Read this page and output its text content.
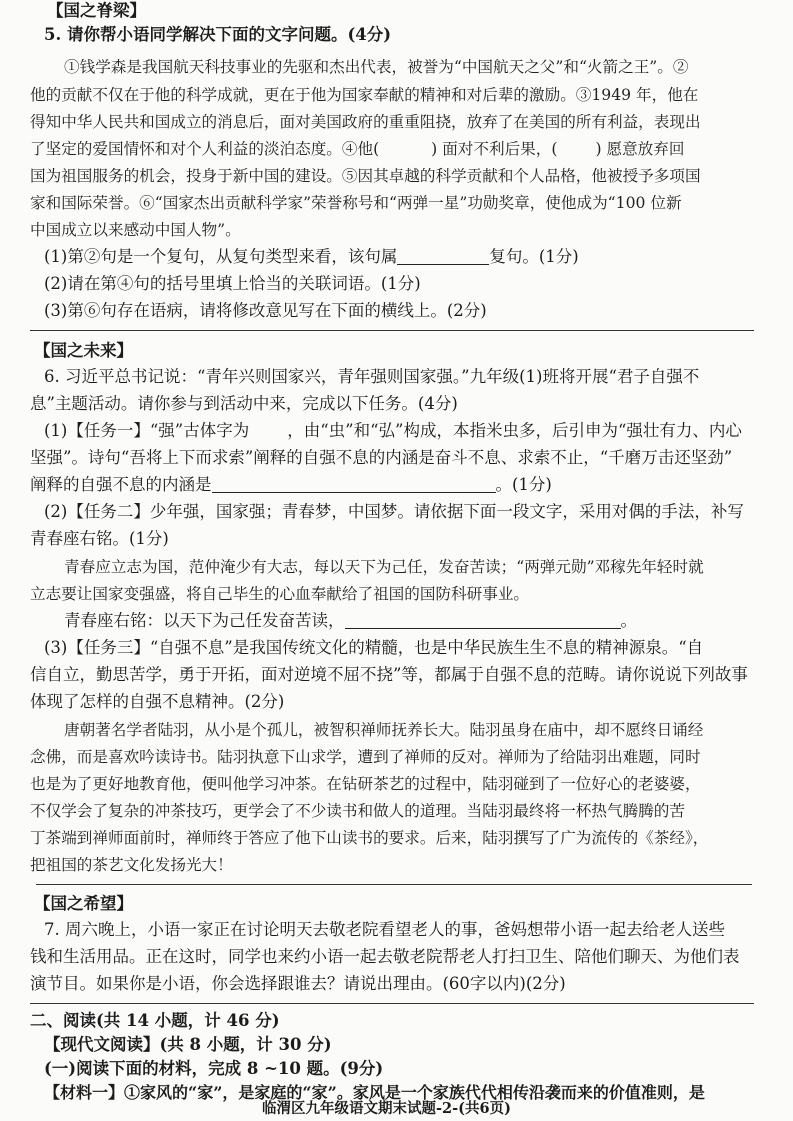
【国之脊梁】
5. 请你帮小语同学解决下面的文字问题。(4分)
①钱学森是我国航天科技事业的先驱和杰出代表，被誉为“中国航天之父”和“火箭之王”。②
他的贡献不仅在于他的科学成就，更在于他为国家奉献的精神和对后辈的激励。③1949 年，他在
得知中华人民共和国成立的消息后，面对美国政府的重重阻挠，放弃了在美国的所有利益，表现出
了坚定的爱国情怀和对个人利益的淡泊态度。④他(	) 面对不利后果，( ) 愿意放弃回
国为祖国服务的机会，投身于新中国的建设。⑤因其卓越的科学贡献和个人品格，他被授予多项国
家和国际荣誉。⑥“国家杰出贡献科学家”荣誉称号和“两弹一星”功勋奖章，使他成为“100 位新
中国成立以来感动中国人物”。
(1)第②句是一个复句，从复句类型来看，该句属	复句。(1分)
(2)请在第④句的括号里填上恰当的关联词语。(1分)
(3)第⑥句存在语病，请将修改意见写在下面的横线上。(2分)
【国之未来】
6. 习近平总书记说：“青年兴则国家兴，青年强则国家强。”九年级(1)班将开展“君子自强不
息”主题活动。请你参与到活动中来，完成以下任务。(4分)
(1)【任务一】“强”古体字为 ，由“虫”和“弘”构成，本指米虫多，后引申为“强壮有力、内心
坚强”。诗句“吾将上下而求索”阐释的自强不息的内涵是奋斗不息、求索不止，“千磨万击还坚劲”
阐释的自强不息的内涵是	。(1分)
(2)【任务二】少年强，国家强；青春梦，中国梦。请依据下面一段文字，采用对偶的手法，补写
青春座右铭。(1分)
青春应立志为国，范仲淹少有大志，每以天下为己任，发奋苦读；“两弹元勋”邓稼先年轻时就
立志要让国家变强盛，将自己毕生的心血奉献给了祖国的国防科研事业。
青春座右铭：以天下为己任发奋苦读，	。
(3)【任务三】“自强不息”是我国传统文化的精髓，也是中华民族生生不息的精神源泉。“自
信自立，勤思苦学，勇于开拓，面对逆境不屈不挠”等，都属于自强不息的范畴。请你说说下列故事
体现了怎样的自强不息精神。(2分)
唐朝著名学者陆羽，从小是个孤儿，被智积禅师抚养长大。陆羽虽身在庙中，却不愿终日诵经
念佛，而是喜欢吟读诗书。陆羽执意下山求学，遭到了禅师的反对。禅师为了给陆羽出难题，同时
也是为了更好地教育他，便叫他学习冲茶。在钻研茶艺的过程中，陆羽碰到了一位好心的老婆婆，
不仅学会了复杂的冲茶技巧，更学会了不少读书和做人的道理。当陆羽最终将一杯热气腾腾的苦
丁茶端到禅师面前时，禅师终于答应了他下山读书的要求。后来，陆羽撰写了广为流传的《茶经》，
把祖国的茶艺文化发扬光大！
【国之希望】
7. 周六晚上，小语一家正在讨论明天去敬老院看望老人的事，爸妈想带小语一起去给老人送些
钱和生活用品。正在这时，同学也来约小语一起去敬老院帮老人打扫卫生、陪他们聊天、为他们表
演节目。如果你是小语，你会选择跟谁去？请说出理由。(60字以内)(2分)
二、阅读(共 14 小题，计 46 分)
【现代文阅读】(共 8 小题，计 30 分)
(一)阅读下面的材料，完成 8 ~10 题。(9分)
【材料一】①家风的“家”，是家庭的“家”。家风是一个家族代代相传沿袭而来的价值准则，是
临渭区九年级语文期末试题-2-(共6页)
